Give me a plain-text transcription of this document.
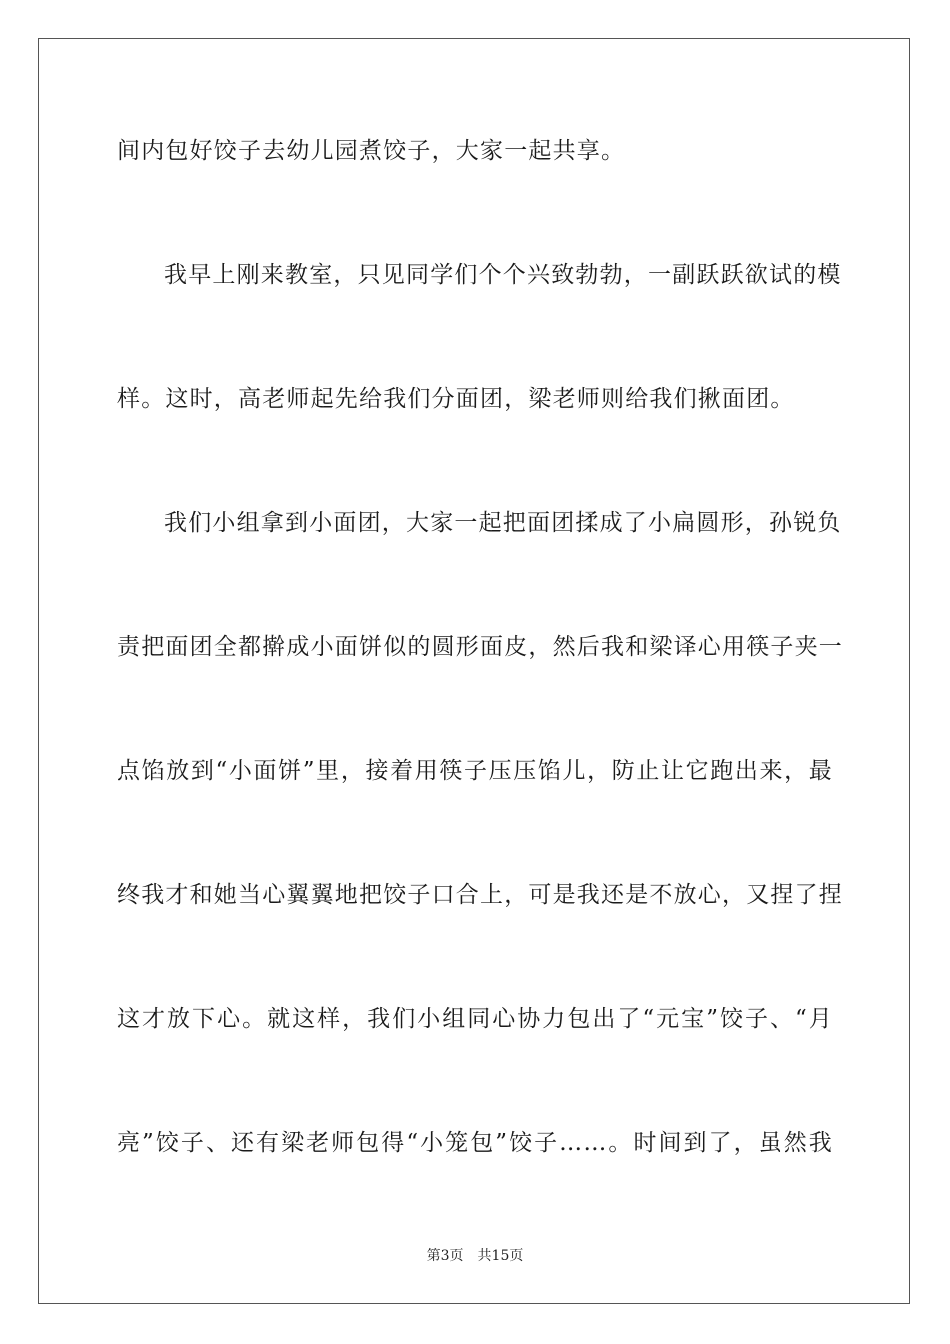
间内包好饺子去幼儿园煮饺子，大家一起共享。
我早上刚来教室，只见同学们个个兴致勃勃，一副跃跃欲试的模
样。这时，高老师起先给我们分面团，梁老师则给我们揪面团。
我们小组拿到小面团，大家一起把面团揉成了小扁圆形，孙锐负
责把面团全都擀成小面饼似的圆形面皮，然后我和梁译心用筷子夹一
点馅放到“小面饼”里，接着用筷子压压馅儿，防止让它跑出来，最
终我才和她当心翼翼地把饺子口合上，可是我还是不放心，又捏了捏
这才放下心。就这样，我们小组同心协力包出了“元宝”饺子、“月
亮”饺子、还有梁老师包得“小笼包”饺子……。时间到了，虽然我
第3页 共15页
